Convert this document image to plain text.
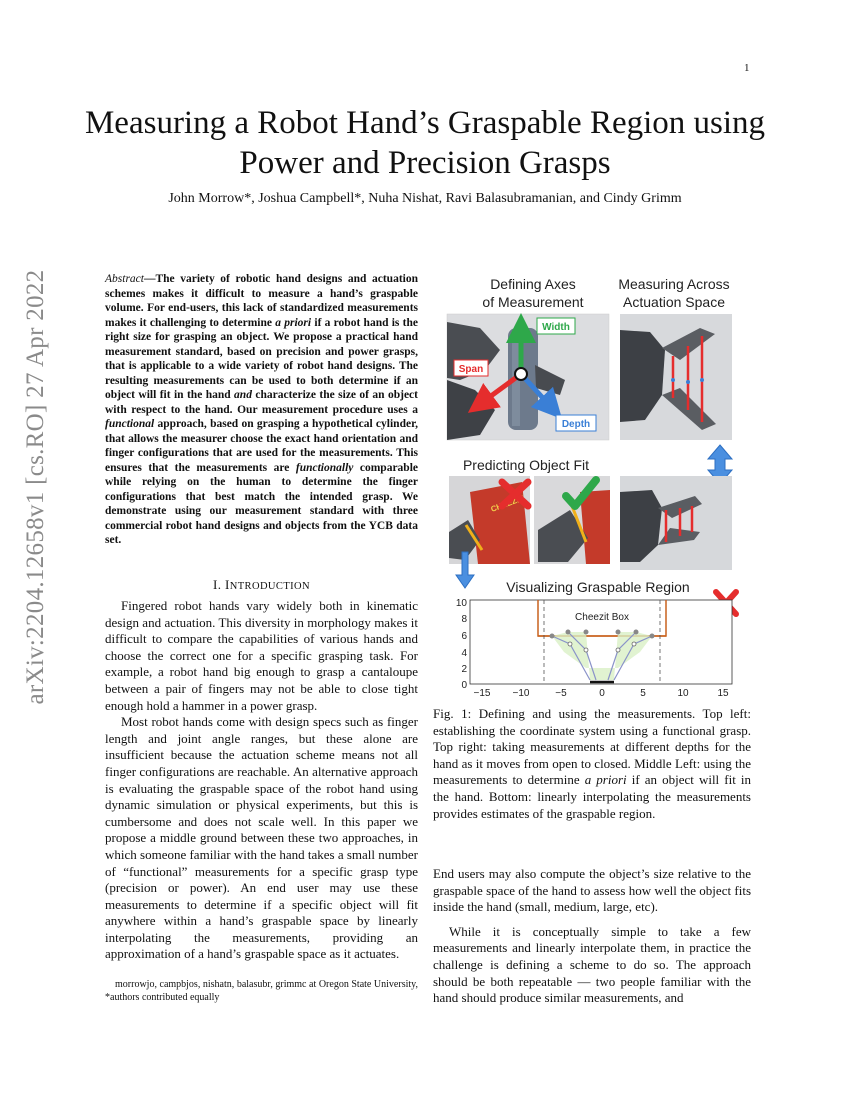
1
Measuring a Robot Hand’s Graspable Region using Power and Precision Grasps
John Morrow*, Joshua Campbell*, Nuha Nishat, Ravi Balasubramanian, and Cindy Grimm
arXiv:2204.12658v1 [cs.RO] 27 Apr 2022	Abstract—The variety of robotic hand designs and actuation schemes makes it difficult to measure a hand’s graspable volume. For end-users, this lack of standardized measurements makes it challenging to determine a priori if a robot hand is the right size for grasping an object. We propose a practical hand measurement standard, based on precision and power grasps, that is applicable to a wide variety of robot hand designs. The resulting measurements can be used to both determine if an object will fit in the hand and characterize the size of an object with respect to the hand. Our measurement procedure uses a functional approach, based on grasping a hypothetical cylinder, that allows the measurer choose the exact hand orientation and finger configurations that are used for the measurements. This ensures that the measurements are functionally comparable while relying on the human to determine the finger configurations that best match the intended grasp. We demonstrate using our measurement standard with three commercial robot hand designs and objects from the YCB data set.
I. INTRODUCTION

Fingered robot hands vary widely both in kinematic design and actuation. This diversity in morphology makes it difficult to compare the capabilities of various hands and choose the correct one for a specific grasping task. For example, a robot hand big enough to grasp a cantaloupe between a pair of fingers may not be able to close tight enough hold a hammer in a power grasp.

Most robot hands come with design specs such as finger length and joint angle ranges, but these alone are insufficient because the actuation scheme means not all finger configurations are reachable. An alternative approach is evaluating the graspable space of the robot hand using dynamic simulation or physical experiments, but this is cumbersome and does not scale well. In this paper we propose a middle ground between these two approaches, in which someone familiar with the hand takes a small number of “functional” measurements for a specific grasp type (precision or power). An end user may use these measurements to determine if a specific object will fit anywhere within a hand’s graspable space by linearly interpolating the measurements, providing an approximation of a hand’s graspable space as it actuates.

morrowjo, campbjos, nishatn, balasubr, grimmc at Oregon State University, *authors contributed equally
Defining Axes
of Measurement
Measuring Across
Actuation Space
Width
Span
Depth
Predicting Object Fit
Visualizing Graspable Region
10
8
6
4
2
0
−15 −10	−5	0	5	10	15
Cheezit Box
Fig. 1: Defining and using the measurements. Top left: establishing the coordinate system using a functional grasp. Top right: taking measurements at different depths for the hand as it moves from open to closed. Middle Left: using the measurements to determine a priori if an object will fit in the hand. Bottom: linearly interpolating the measurements provides estimates of the graspable region.

End users may also compute the object’s size relative to the graspable space of the hand to assess how well the object fits inside the hand (small, medium, large, etc).

While it is conceptually simple to take a few measurements and linearly interpolate them, in practice the challenge is defining a scheme to do so. The approach should be both repeatable — two people familiar with the hand should produce similar measurements, and
